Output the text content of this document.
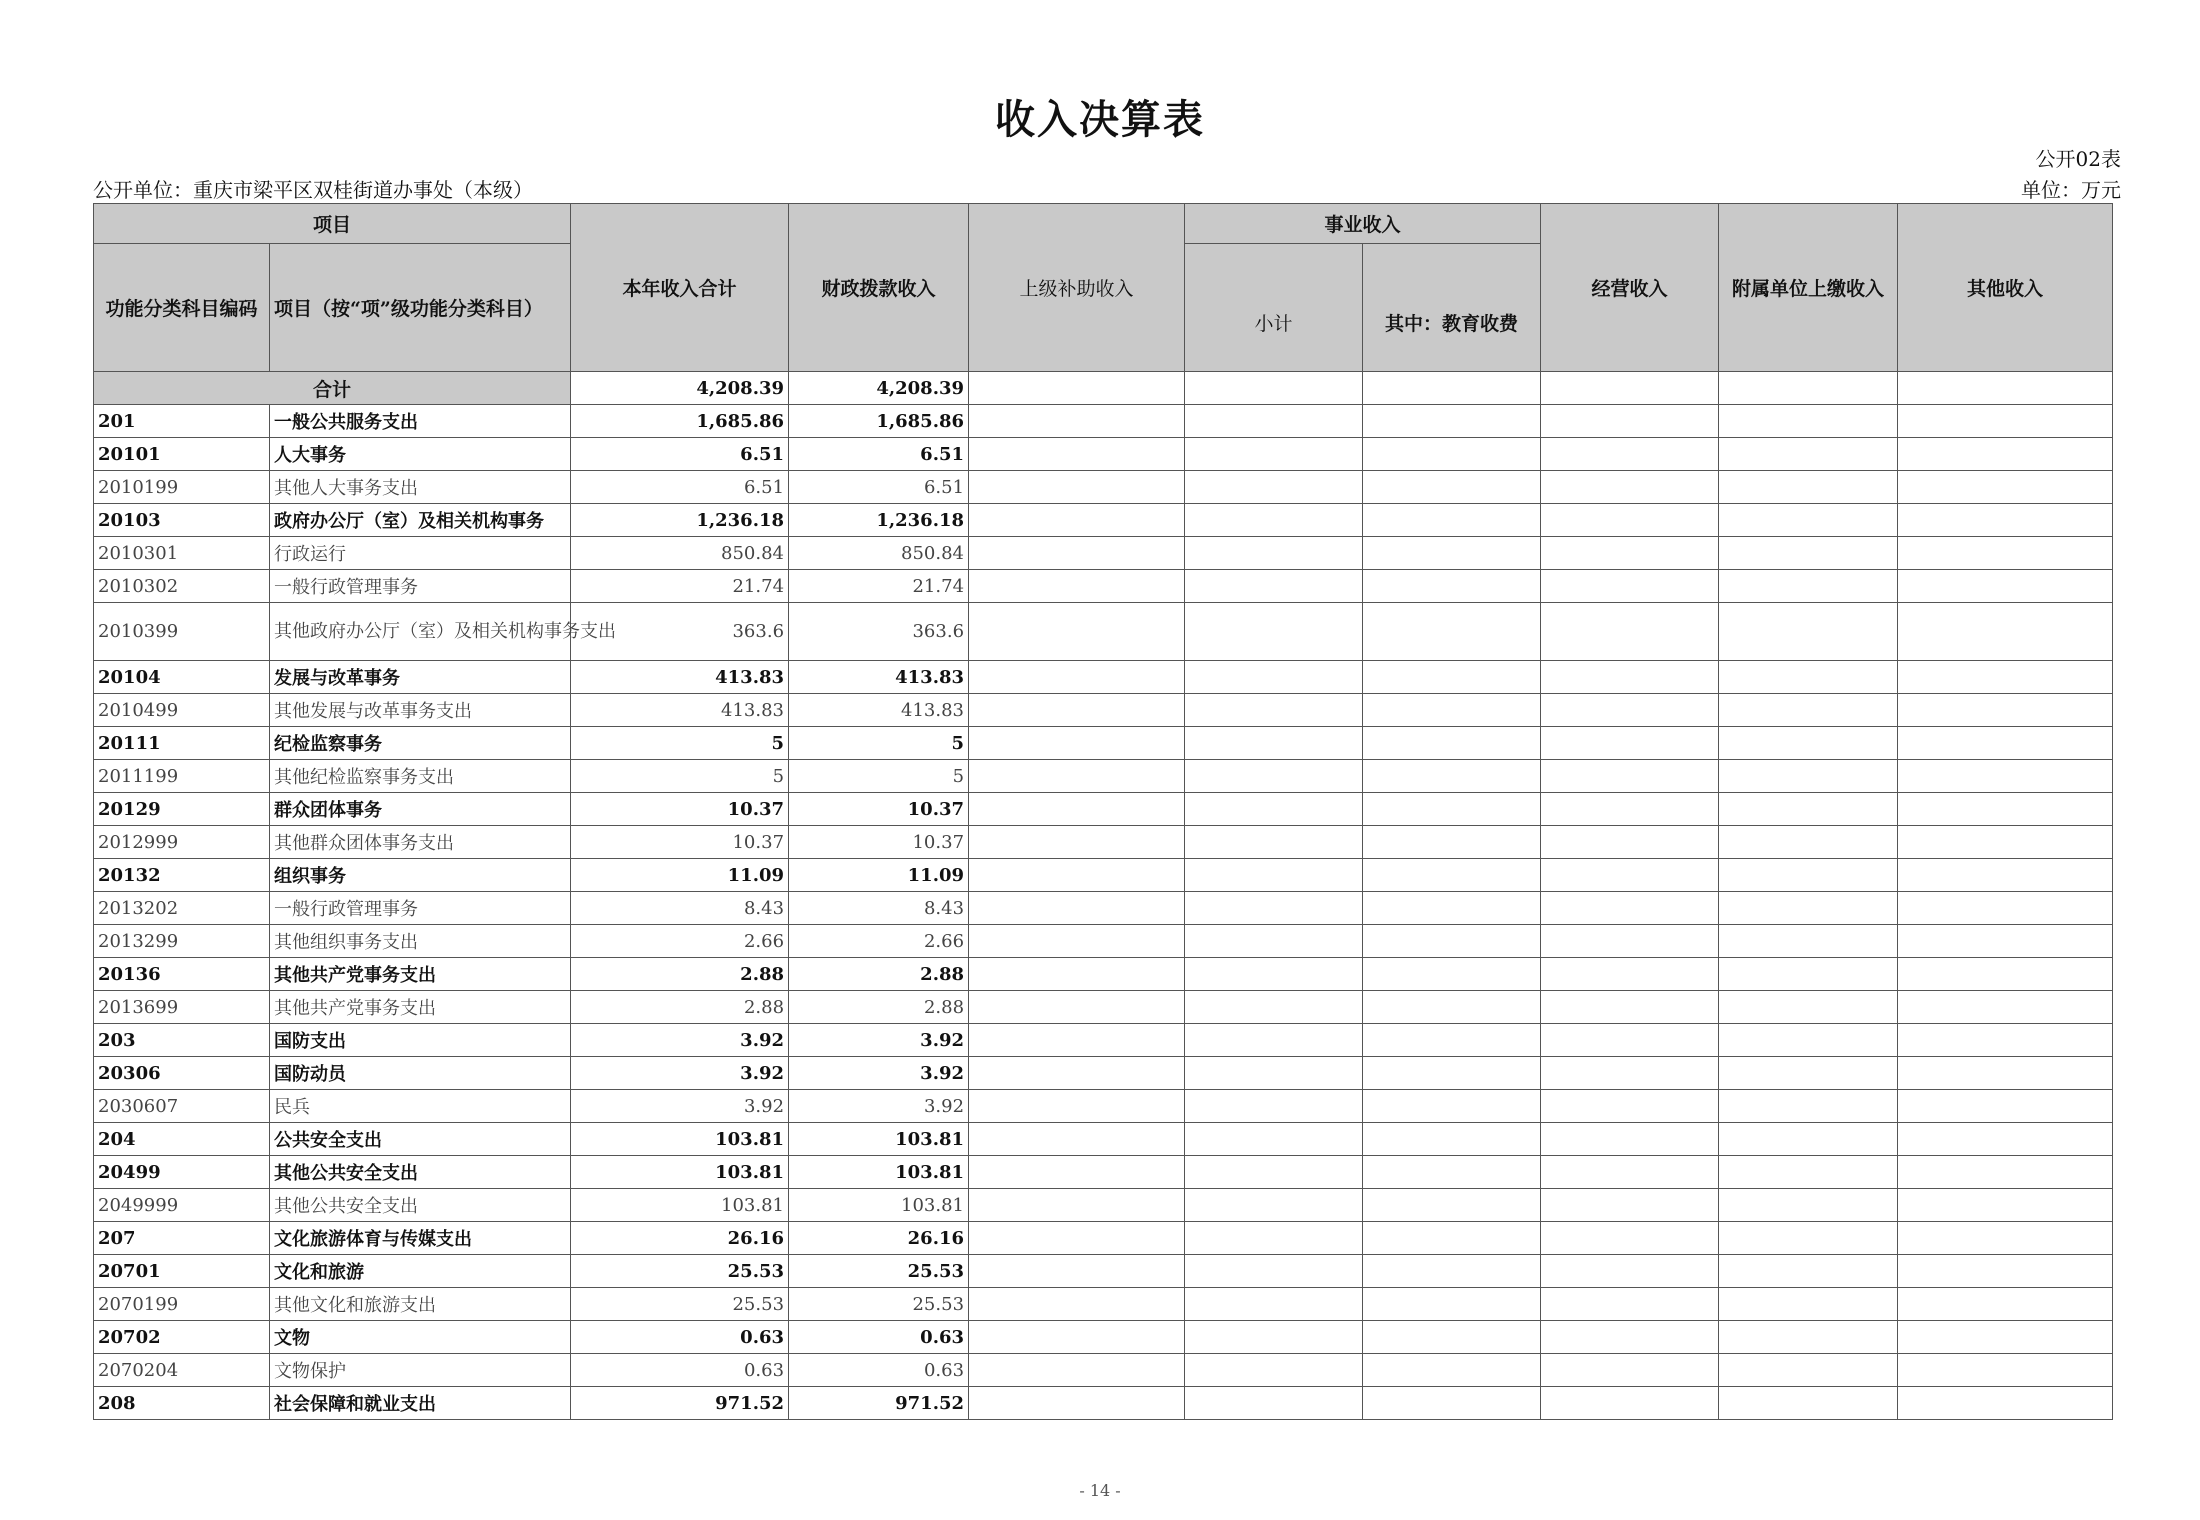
收入决算表
公开02表
公开单位：重庆市梁平区双桂街道办事处（本级）	单位：万元
项目		本年收入合计	财政拨款收入	上级补助收入	事业收入		经营收入	附属单位上缴收入	其他收入
功能分类科目编码	项目（按“项”级功能分类科目）				小计	其中：教育收费			
合计		4,208.39	4,208.39						
201	一般公共服务支出	1,685.86	1,685.86						
20101	人大事务	6.51	6.51						
2010199	其他人大事务支出	6.51	6.51						
20103	政府办公厅（室）及相关机构事务	1,236.18	1,236.18						
2010301	行政运行	850.84	850.84						
2010302	一般行政管理事务	21.74	21.74						
2010399	其他政府办公厅（室）及相关机构事务支出	363.6	363.6						
20104	发展与改革事务	413.83	413.83						
2010499	其他发展与改革事务支出	413.83	413.83						
20111	纪检监察事务	5	5						
2011199	其他纪检监察事务支出	5	5						
20129	群众团体事务	10.37	10.37						
2012999	其他群众团体事务支出	10.37	10.37						
20132	组织事务	11.09	11.09						
2013202	一般行政管理事务	8.43	8.43						
2013299	其他组织事务支出	2.66	2.66						
20136	其他共产党事务支出	2.88	2.88						
2013699	其他共产党事务支出	2.88	2.88						
203	国防支出	3.92	3.92						
20306	国防动员	3.92	3.92						
2030607	民兵	3.92	3.92						
204	公共安全支出	103.81	103.81						
20499	其他公共安全支出	103.81	103.81						
2049999	其他公共安全支出	103.81	103.81						
207	文化旅游体育与传媒支出	26.16	26.16						
20701	文化和旅游	25.53	25.53						
2070199	其他文化和旅游支出	25.53	25.53						
20702	文物	0.63	0.63						
2070204	文物保护	0.63	0.63						
208	社会保障和就业支出	971.52	971.52						
- 14 -
